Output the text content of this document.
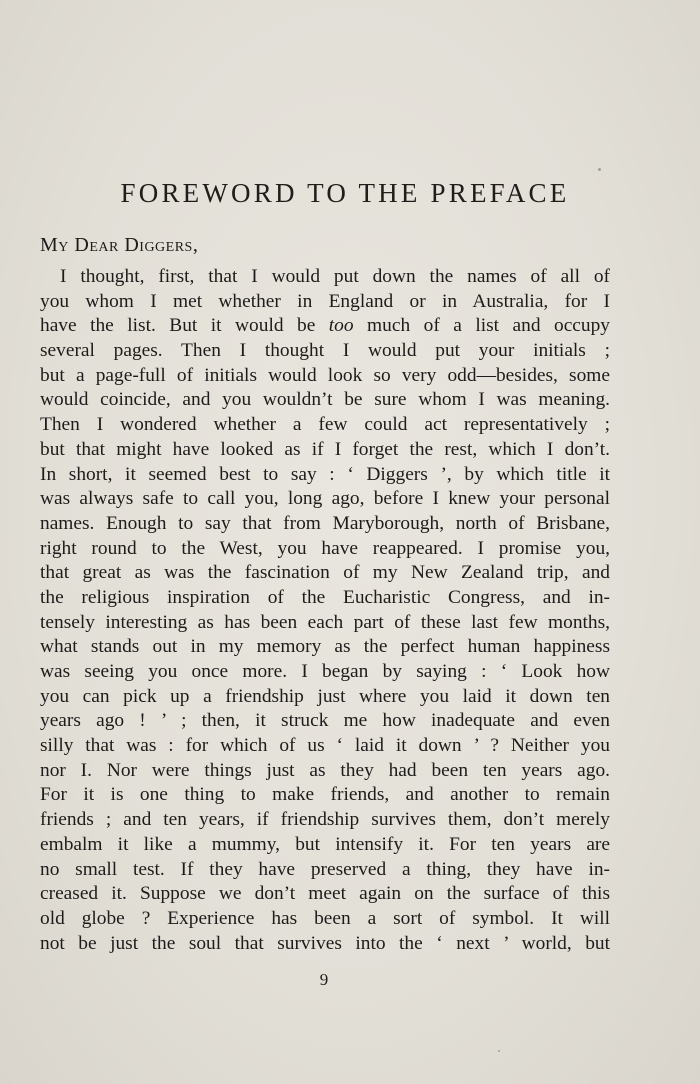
FOREWORD TO THE PREFACE

My Dear Diggers,

I thought, first, that I would put down the names of all of
you whom I met whether in England or in Australia, for I
have the list. But it would be too much of a list and occupy
several pages. Then I thought I would put your initials ;
but a page-full of initials would look so very odd—besides, some
would coincide, and you wouldn’t be sure whom I was meaning.
Then I wondered whether a few could act representatively ;
but that might have looked as if I forget the rest, which I don’t.
In short, it seemed best to say : ‘ Diggers ’, by which title it
was always safe to call you, long ago, before I knew your personal
names. Enough to say that from Maryborough, north of Brisbane,
right round to the West, you have reappeared. I promise you,
that great as was the fascination of my New Zealand trip, and
the religious inspiration of the Eucharistic Congress, and in-
tensely interesting as has been each part of these last few months,
what stands out in my memory as the perfect human happiness
was seeing you once more. I began by saying : ‘ Look how
you can pick up a friendship just where you laid it down ten
years ago ! ’ ; then, it struck me how inadequate and even
silly that was : for which of us ‘ laid it down ’ ? Neither you
nor I. Nor were things just as they had been ten years ago.
For it is one thing to make friends, and another to remain
friends ; and ten years, if friendship survives them, don’t merely
embalm it like a mummy, but intensify it. For ten years are
no small test. If they have preserved a thing, they have in-
creased it. Suppose we don’t meet again on the surface of this
old globe ? Experience has been a sort of symbol. It will
not be just the soul that survives into the ‘ next ’ world, but

9
